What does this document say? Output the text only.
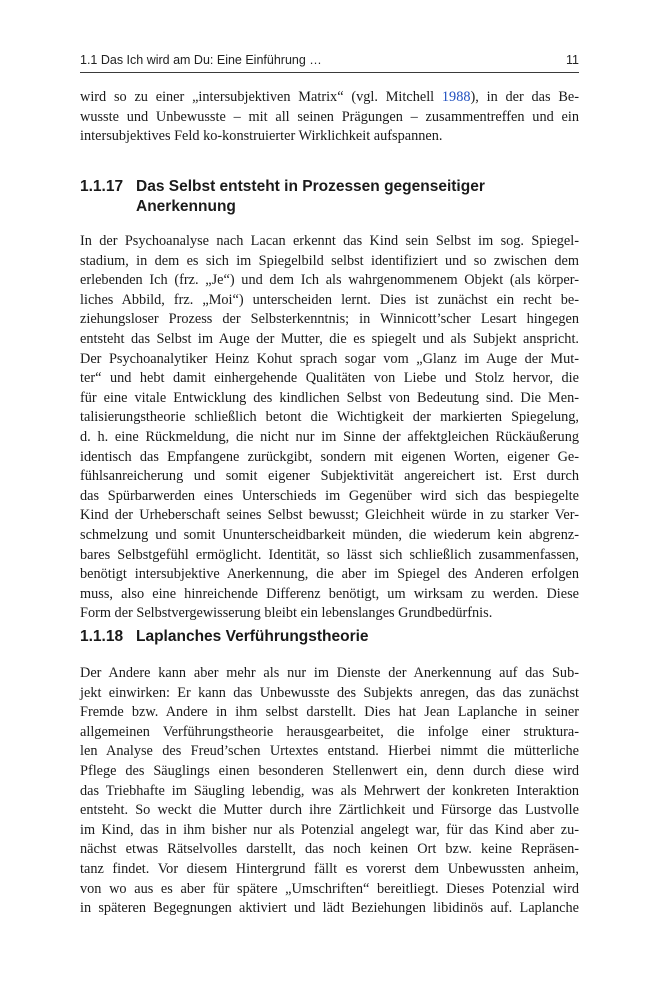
1.1 Das Ich wird am Du: Eine Einführung …	11
wird so zu einer „intersubjektiven Matrix“ (vgl. Mitchell 1988), in der das Be-
wusste und Unbewusste – mit all seinen Prägungen – zusammentreffen und ein
intersubjektives Feld ko-konstruierter Wirklichkeit aufspannen.
1.1.17 Das Selbst entsteht in Prozessen gegenseitiger
Anerkennung
In der Psychoanalyse nach Lacan erkennt das Kind sein Selbst im sog. Spiegel-
stadium, in dem es sich im Spiegelbild selbst identifiziert und so zwischen dem
erlebenden Ich (frz. „Je“) und dem Ich als wahrgenommenem Objekt (als körper-
liches Abbild, frz. „Moi“) unterscheiden lernt. Dies ist zunächst ein recht be-
ziehungsloser Prozess der Selbsterkenntnis; in Winnicott’scher Lesart hingegen
entsteht das Selbst im Auge der Mutter, die es spiegelt und als Subjekt anspricht.
Der Psychoanalytiker Heinz Kohut sprach sogar vom „Glanz im Auge der Mut-
ter“ und hebt damit einhergehende Qualitäten von Liebe und Stolz hervor, die
für eine vitale Entwicklung des kindlichen Selbst von Bedeutung sind. Die Men-
talisierungstheorie schließlich betont die Wichtigkeit der markierten Spiegelung,
d. h. eine Rückmeldung, die nicht nur im Sinne der affektgleichen Rückäußerung
identisch das Empfangene zurückgibt, sondern mit eigenen Worten, eigener Ge-
fühlsanreicherung und somit eigener Subjektivität angereichert ist. Erst durch
das Spürbarwerden eines Unterschieds im Gegenüber wird sich das bespiegelte
Kind der Urheberschaft seines Selbst bewusst; Gleichheit würde in zu starker Ver-
schmelzung und somit Ununterscheidbarkeit münden, die wiederum kein abgrenz-
bares Selbstgefühl ermöglicht. Identität, so lässt sich schließlich zusammenfassen,
benötigt intersubjektive Anerkennung, die aber im Spiegel des Anderen erfolgen
muss, also eine hinreichende Differenz benötigt, um wirksam zu werden. Diese
Form der Selbstvergewisserung bleibt ein lebenslanges Grundbedürfnis.
1.1.18 Laplanches Verführungstheorie
Der Andere kann aber mehr als nur im Dienste der Anerkennung auf das Sub-
jekt einwirken: Er kann das Unbewusste des Subjekts anregen, das das zunächst
Fremde bzw. Andere in ihm selbst darstellt. Dies hat Jean Laplanche in seiner
allgemeinen Verführungstheorie herausgearbeitet, die infolge einer struktura-
len Analyse des Freud’schen Urtextes entstand. Hierbei nimmt die mütterliche
Pflege des Säuglings einen besonderen Stellenwert ein, denn durch diese wird
das Triebhafte im Säugling lebendig, was als Mehrwert der konkreten Interaktion
entsteht. So weckt die Mutter durch ihre Zärtlichkeit und Fürsorge das Lustvolle
im Kind, das in ihm bisher nur als Potenzial angelegt war, für das Kind aber zu-
nächst etwas Rätselvolles darstellt, das noch keinen Ort bzw. keine Repräsen-
tanz findet. Vor diesem Hintergrund fällt es vorerst dem Unbewussten anheim,
von wo aus es aber für spätere „Umschriften“ bereitliegt. Dieses Potenzial wird
in späteren Begegnungen aktiviert und lädt Beziehungen libidinös auf. Laplanche
